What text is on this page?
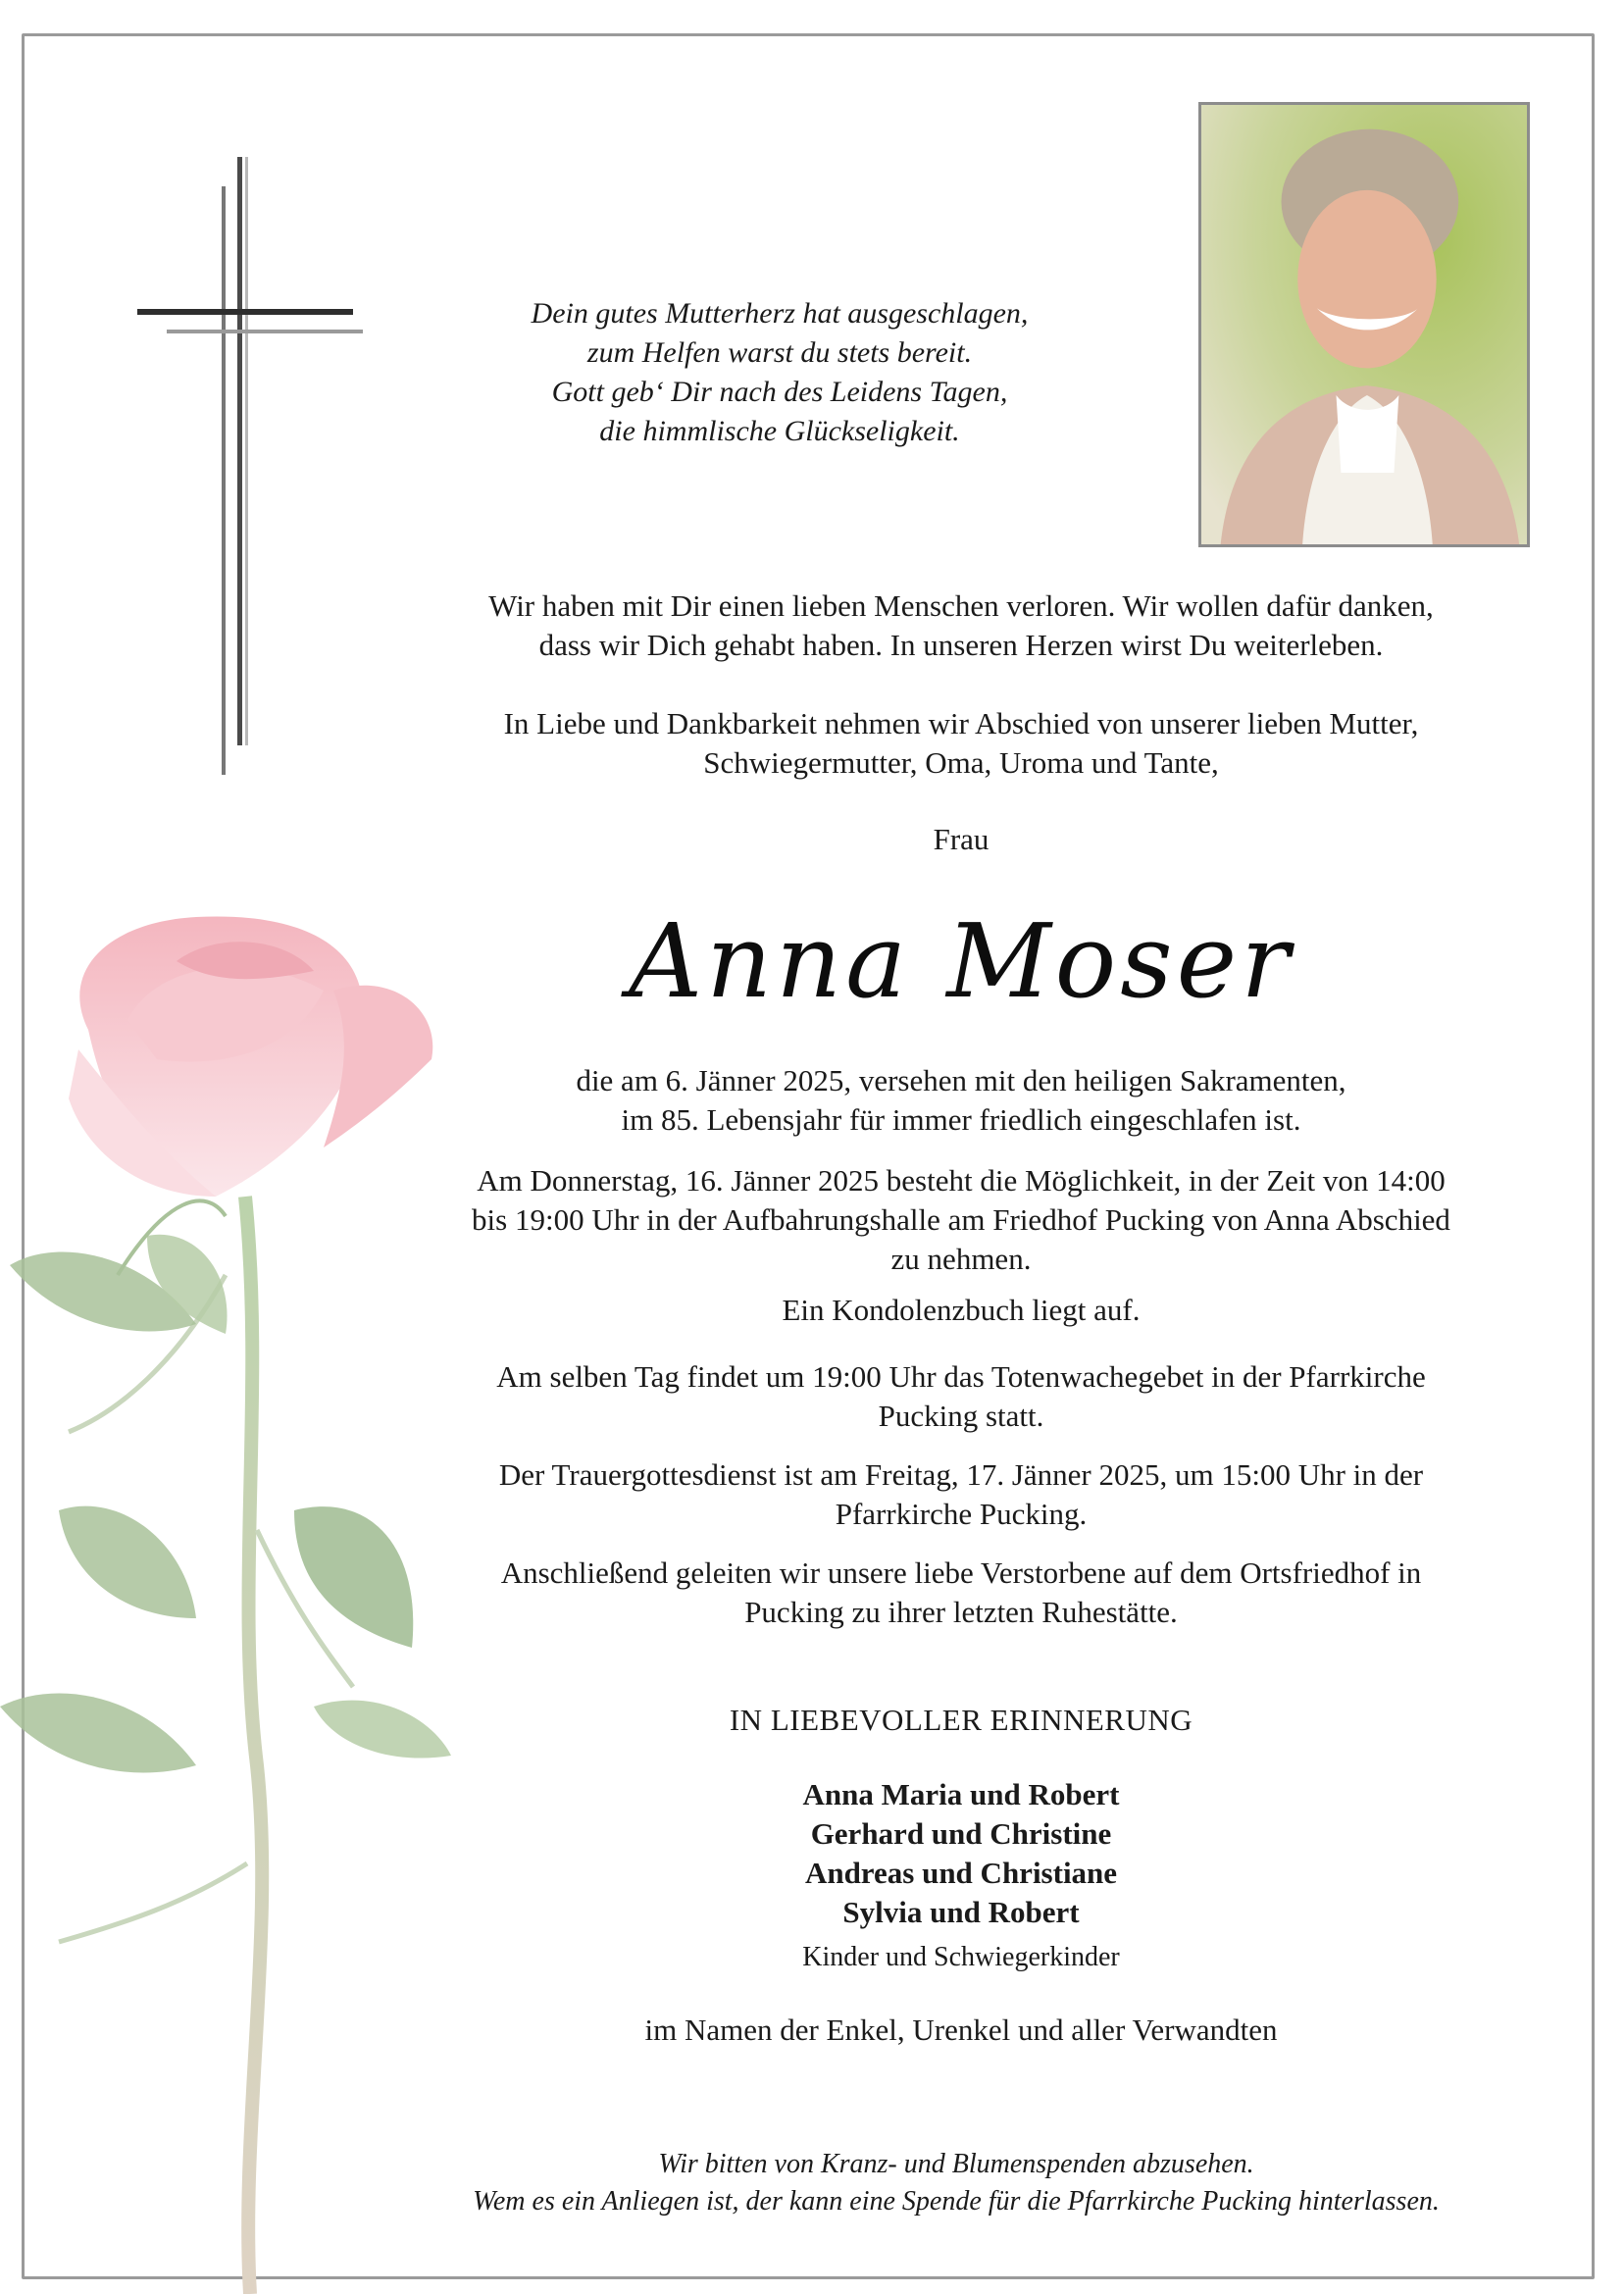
Dein gutes Mutterherz hat ausgeschlagen,
zum Helfen warst du stets bereit.
Gott geb‘ Dir nach des Leidens Tagen,
die himmlische Glückseligkeit.
Wir haben mit Dir einen lieben Menschen verloren. Wir wollen dafür danken,
dass wir Dich gehabt haben. In unseren Herzen wirst Du weiterleben.
In Liebe und Dankbarkeit nehmen wir Abschied von unserer lieben Mutter,
Schwiegermutter, Oma, Uroma und Tante,
Frau
Anna Moser
die am 6. Jänner 2025, versehen mit den heiligen Sakramenten,
im 85. Lebensjahr für immer friedlich eingeschlafen ist.
Am Donnerstag, 16. Jänner 2025 besteht die Möglichkeit, in der Zeit von 14:00
bis 19:00 Uhr in der Aufbahrungshalle am Friedhof Pucking von Anna Abschied
zu nehmen.
Ein Kondolenzbuch liegt auf.
Am selben Tag findet um 19:00 Uhr das Totenwachegebet in der Pfarrkirche
Pucking statt.
Der Trauergottesdienst ist am Freitag, 17. Jänner 2025, um 15:00 Uhr in der
Pfarrkirche Pucking.
Anschließend geleiten wir unsere liebe Verstorbene auf dem Ortsfriedhof in
Pucking zu ihrer letzten Ruhestätte.
IN LIEBEVOLLER ERINNERUNG
Anna Maria und Robert
Gerhard und Christine
Andreas und Christiane
Sylvia und Robert
Kinder und Schwiegerkinder
im Namen der Enkel, Urenkel und aller Verwandten
Wir bitten von Kranz- und Blumenspenden abzusehen.
Wem es ein Anliegen ist, der kann eine Spende für die Pfarrkirche Pucking hinterlassen.
